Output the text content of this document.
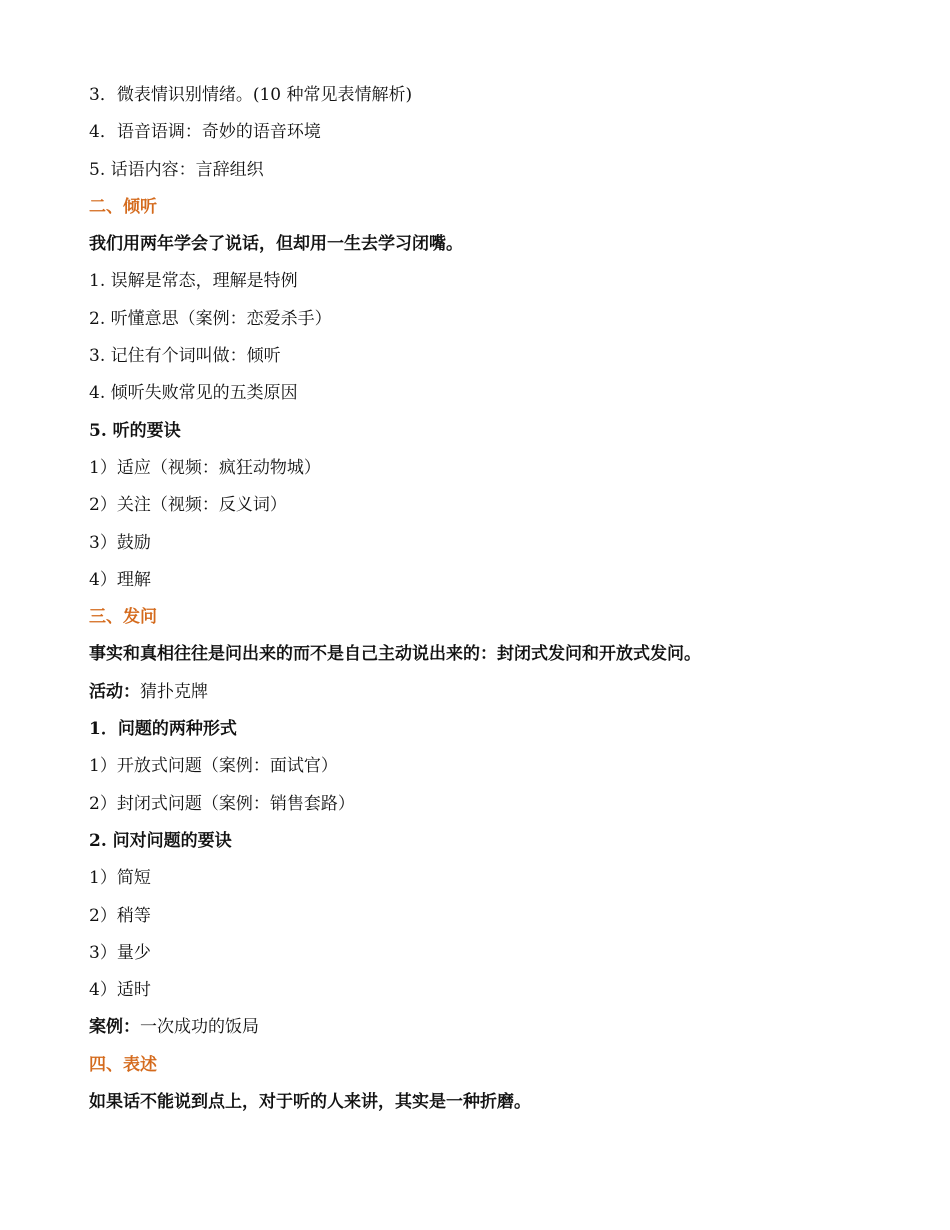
3．微表情识别情绪。(10 种常见表情解析)
4．语音语调：奇妙的语音环境
5. 话语内容：言辞组织
二、倾听
我们用两年学会了说话，但却用一生去学习闭嘴。
1. 误解是常态，理解是特例
2. 听懂意思（案例：恋爱杀手）
3. 记住有个词叫做：倾听
4. 倾听失败常见的五类原因
5. 听的要诀
1）适应（视频：疯狂动物城）
2）关注（视频：反义词）
3）鼓励
4）理解
三、发问
事实和真相往往是问出来的而不是自己主动说出来的：封闭式发问和开放式发问。
活动：猜扑克牌
1．问题的两种形式
1）开放式问题（案例：面试官）
2）封闭式问题（案例：销售套路）
2. 问对问题的要诀
1）简短
2）稍等
3）量少
4）适时
案例：一次成功的饭局
四、表述
如果话不能说到点上，对于听的人来讲，其实是一种折磨。
